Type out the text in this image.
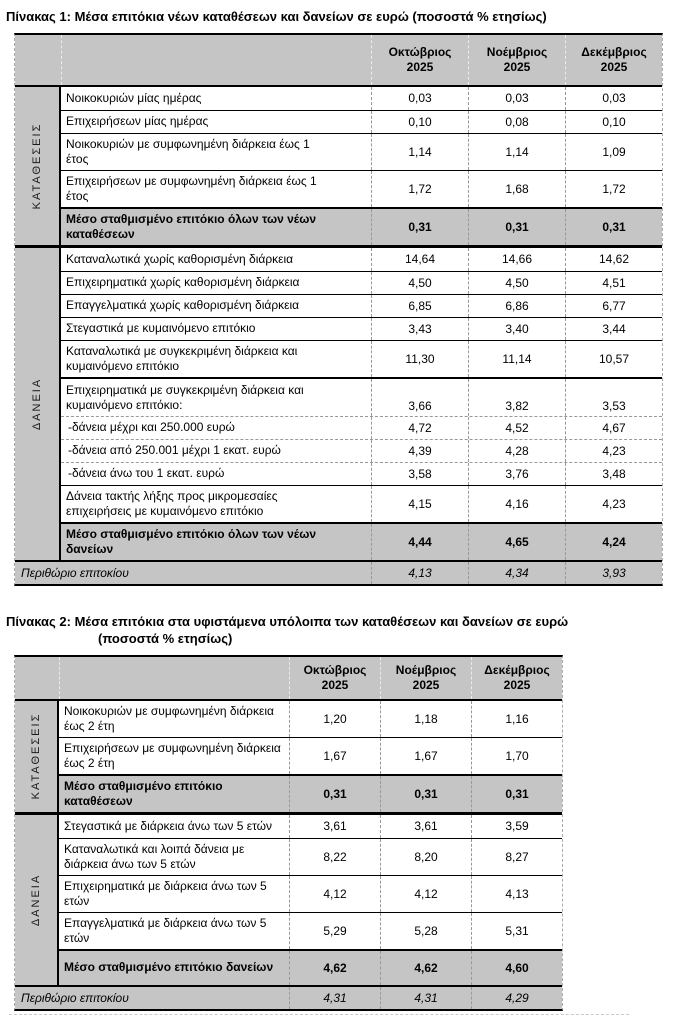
Πίνακας 1: Μέσα επιτόκια νέων καταθέσεων και δανείων σε ευρώ (ποσοστά % ετησίως)
Οκτώβριος 2025
Νοέμβριος 2025
Δεκέμβριος 2025
ΚΑΤΑΘΕΣΕΙΣ
Νοικοκυριών μίας ημέρας	0,03	0,03	0,03
Επιχειρήσεων μίας ημέρας	0,10	0,08	0,10
Νοικοκυριών με συμφωνημένη διάρκεια έως 1 έτος	1,14	1,14	1,09
Επιχειρήσεων με συμφωνημένη διάρκεια έως 1 έτος	1,72	1,68	1,72
Μέσο σταθμισμένο επιτόκιο όλων των νέων καταθέσεων	0,31	0,31	0,31
ΔΑΝΕΙΑ
Καταναλωτικά χωρίς καθορισμένη διάρκεια	14,64	14,66	14,62
Επιχειρηματικά χωρίς καθορισμένη διάρκεια	4,50	4,50	4,51
Επαγγελματικά χωρίς καθορισμένη διάρκεια	6,85	6,86	6,77
Στεγαστικά με κυμαινόμενο επιτόκιο	3,43	3,40	3,44
Καταναλωτικά με συγκεκριμένη διάρκεια και κυμαινόμενο επιτόκιο	11,30	11,14	10,57
Επιχειρηματικά με συγκεκριμένη διάρκεια και κυμαινόμενο επιτόκιο:	3,66	3,82	3,53
-δάνεια μέχρι και 250.000 ευρώ	4,72	4,52	4,67
-δάνεια από 250.001 μέχρι 1 εκατ. ευρώ	4,39	4,28	4,23
-δάνεια άνω του 1 εκατ. ευρώ	3,58	3,76	3,48
Δάνεια τακτής λήξης προς μικρομεσαίες επιχειρήσεις με κυμαινόμενο επιτόκιο	4,15	4,16	4,23
Μέσο σταθμισμένο επιτόκιο όλων των νέων δανείων	4,44	4,65	4,24
Περιθώριο επιτοκίου	4,13	4,34	3,93
Πίνακας 2: Μέσα επιτόκια στα υφιστάμενα υπόλοιπα των καταθέσεων και δανείων σε ευρώ
(ποσοστά % ετησίως)
Οκτώβριος 2025
Νοέμβριος 2025
Δεκέμβριος 2025
ΚΑΤΑΘΕΣΕΙΣ
Νοικοκυριών με συμφωνημένη διάρκεια έως 2 έτη	1,20	1,18	1,16
Επιχειρήσεων με συμφωνημένη διάρκεια έως 2 έτη	1,67	1,67	1,70
Μέσο σταθμισμένο επιτόκιο καταθέσεων	0,31	0,31	0,31
ΔΑΝΕΙΑ
Στεγαστικά με διάρκεια άνω των 5 ετών	3,61	3,61	3,59
Καταναλωτικά και λοιπά δάνεια με διάρκεια άνω των 5 ετών	8,22	8,20	8,27
Επιχειρηματικά με διάρκεια άνω των 5 ετών	4,12	4,12	4,13
Επαγγελματικά με διάρκεια άνω των 5 ετών	5,29	5,28	5,31
Μέσο σταθμισμένο επιτόκιο δανείων	4,62	4,62	4,60
Περιθώριο επιτοκίου	4,31	4,31	4,29
